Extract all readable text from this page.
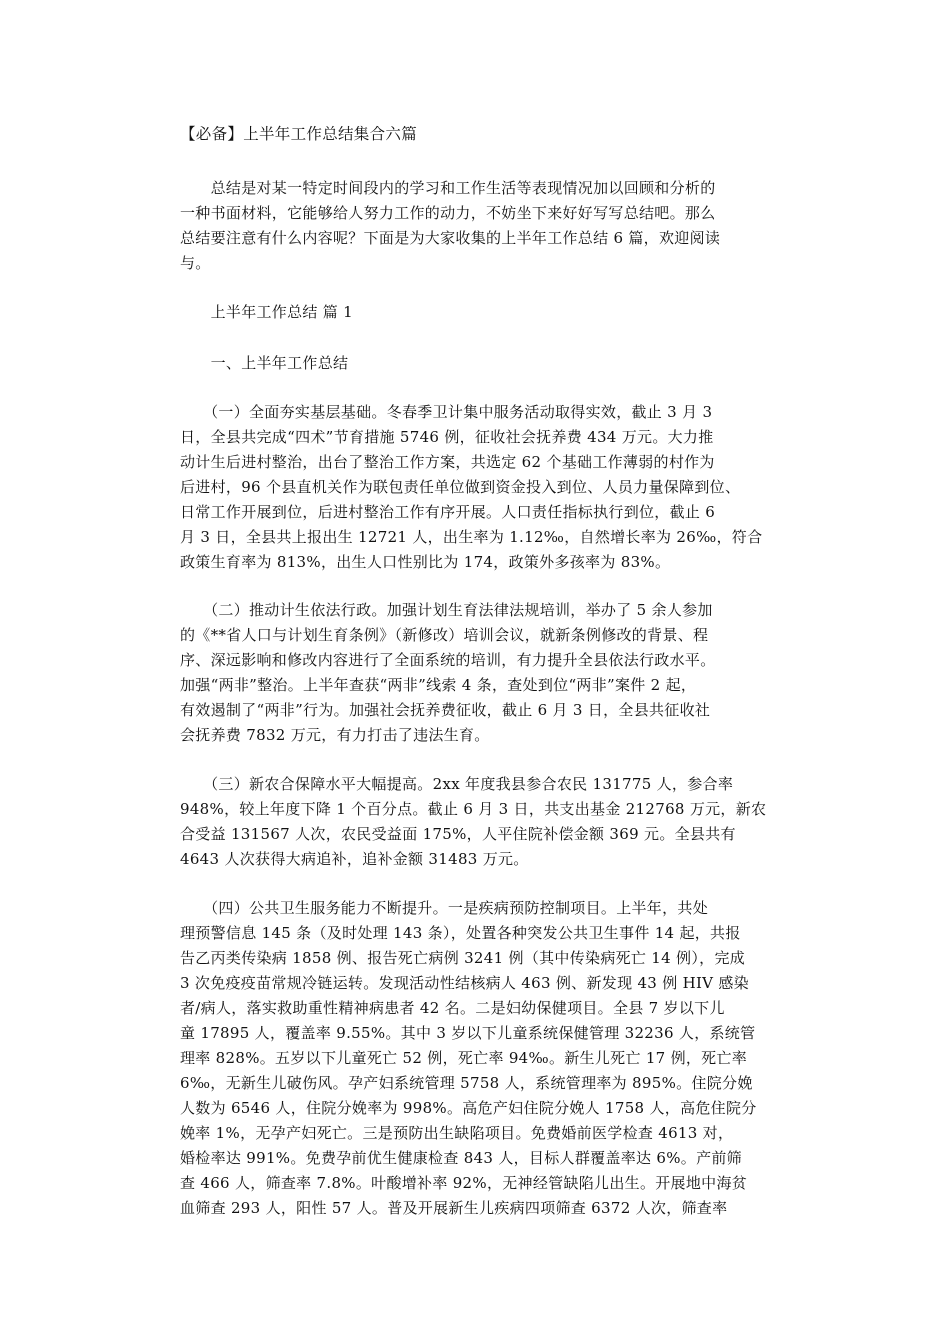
【必备】上半年工作总结集合六篇

　　总结是对某一特定时间段内的学习和工作生活等表现情况加以回顾和分析的
一种书面材料，它能够给人努力工作的动力，不妨坐下来好好写写总结吧。那么
总结要注意有什么内容呢？下面是为大家收集的上半年工作总结 6 篇，欢迎阅读
与。

　　上半年工作总结 篇 1

　　一、上半年工作总结

　　（一）全面夯实基层基础。冬春季卫计集中服务活动取得实效，截止 3 月 3
日，全县共完成“四术”节育措施 5746 例，征收社会抚养费 434 万元。大力推
动计生后进村整治，出台了整治工作方案，共选定 62 个基础工作薄弱的村作为
后进村，96 个县直机关作为联包责任单位做到资金投入到位、人员力量保障到位、
日常工作开展到位，后进村整治工作有序开展。人口责任指标执行到位，截止 6
月 3 日，全县共上报出生 12721 人，出生率为 1.12‰，自然增长率为 26‰，符合
政策生育率为 813%，出生人口性别比为 174，政策外多孩率为 83%。

　　（二）推动计生依法行政。加强计划生育法律法规培训，举办了 5 余人参加
的《**省人口与计划生育条例》（新修改）培训会议，就新条例修改的背景、程
序、深远影响和修改内容进行了全面系统的培训，有力提升全县依法行政水平。
加强“两非”整治。上半年查获“两非”线索 4 条，查处到位“两非”案件 2 起，
有效遏制了“两非”行为。加强社会抚养费征收，截止 6 月 3 日，全县共征收社
会抚养费 7832 万元，有力打击了违法生育。

　　（三）新农合保障水平大幅提高。2xx 年度我县参合农民 131775 人，参合率
948%，较上年度下降 1 个百分点。截止 6 月 3 日，共支出基金 212768 万元，新农
合受益 131567 人次，农民受益面 175%，人平住院补偿金额 369 元。全县共有
4643 人次获得大病追补，追补金额 31483 万元。

　　（四）公共卫生服务能力不断提升。一是疾病预防控制项目。上半年，共处
理预警信息 145 条（及时处理 143 条），处置各种突发公共卫生事件 14 起，共报
告乙丙类传染病 1858 例、报告死亡病例 3241 例（其中传染病死亡 14 例），完成
3 次免疫疫苗常规冷链运转。发现活动性结核病人 463 例、新发现 43 例 HIV 感染
者/病人，落实救助重性精神病患者 42 名。二是妇幼保健项目。全县 7 岁以下儿
童 17895 人，覆盖率 9.55%。其中 3 岁以下儿童系统保健管理 32236 人，系统管
理率 828%。五岁以下儿童死亡 52 例，死亡率 94‰。新生儿死亡 17 例，死亡率
6‰，无新生儿破伤风。孕产妇系统管理 5758 人，系统管理率为 895%。住院分娩
人数为 6546 人，住院分娩率为 998%。高危产妇住院分娩人 1758 人，高危住院分
娩率 1%，无孕产妇死亡。三是预防出生缺陷项目。免费婚前医学检查 4613 对，
婚检率达 991%。免费孕前优生健康检查 843 人，目标人群覆盖率达 6%。产前筛
查 466 人，筛查率 7.8%。叶酸增补率 92%，无神经管缺陷儿出生。开展地中海贫
血筛查 293 人，阳性 57 人。普及开展新生儿疾病四项筛查 6372 人次，筛查率
